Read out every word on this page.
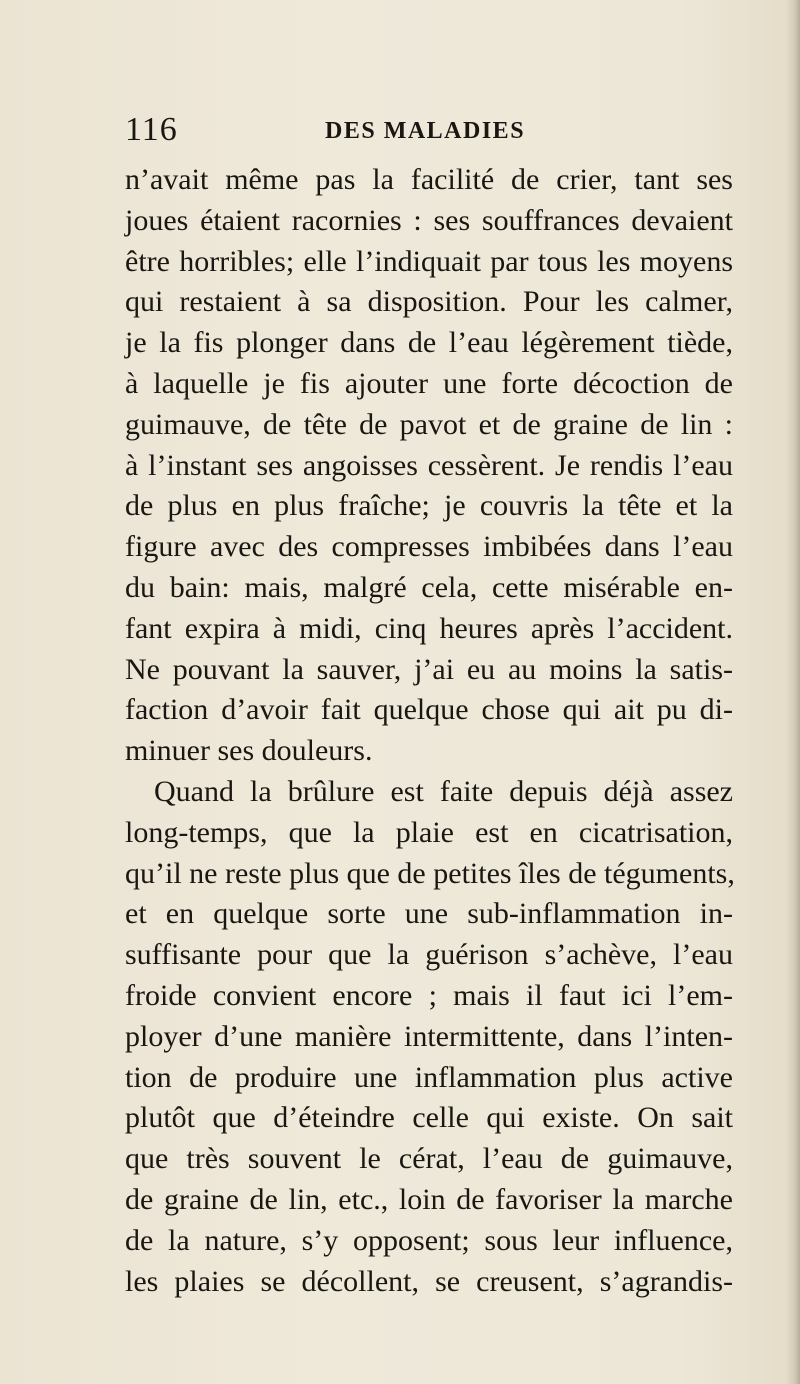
116	DES MALADIES
n’avait même pas la facilité de crier, tant ses
joues étaient racornies : ses souffrances devaient
être horribles; elle l’indiquait par tous les moyens
qui restaient à sa disposition. Pour les calmer,
je la fis plonger dans de l’eau légèrement tiède,
à laquelle je fis ajouter une forte décoction de
guimauve, de tête de pavot et de graine de lin :
à l’instant ses angoisses cessèrent. Je rendis l’eau
de plus en plus fraîche; je couvris la tête et la
figure avec des compresses imbibées dans l’eau
du bain: mais, malgré cela, cette misérable en-
fant expira à midi, cinq heures après l’accident.
Ne pouvant la sauver, j’ai eu au moins la satis-
faction d’avoir fait quelque chose qui ait pu di-
minuer ses douleurs.
Quand la brûlure est faite depuis déjà assez
long-temps, que la plaie est en cicatrisation,
qu’il ne reste plus que de petites îles de téguments,
et en quelque sorte une sub-inflammation in-
suffisante pour que la guérison s’achève, l’eau
froide convient encore ; mais il faut ici l’em-
ployer d’une manière intermittente, dans l’inten-
tion de produire une inflammation plus active
plutôt que d’éteindre celle qui existe. On sait
que très souvent le cérat, l’eau de guimauve,
de graine de lin, etc., loin de favoriser la marche
de la nature, s’y opposent; sous leur influence,
les plaies se décollent, se creusent, s’agrandis-
